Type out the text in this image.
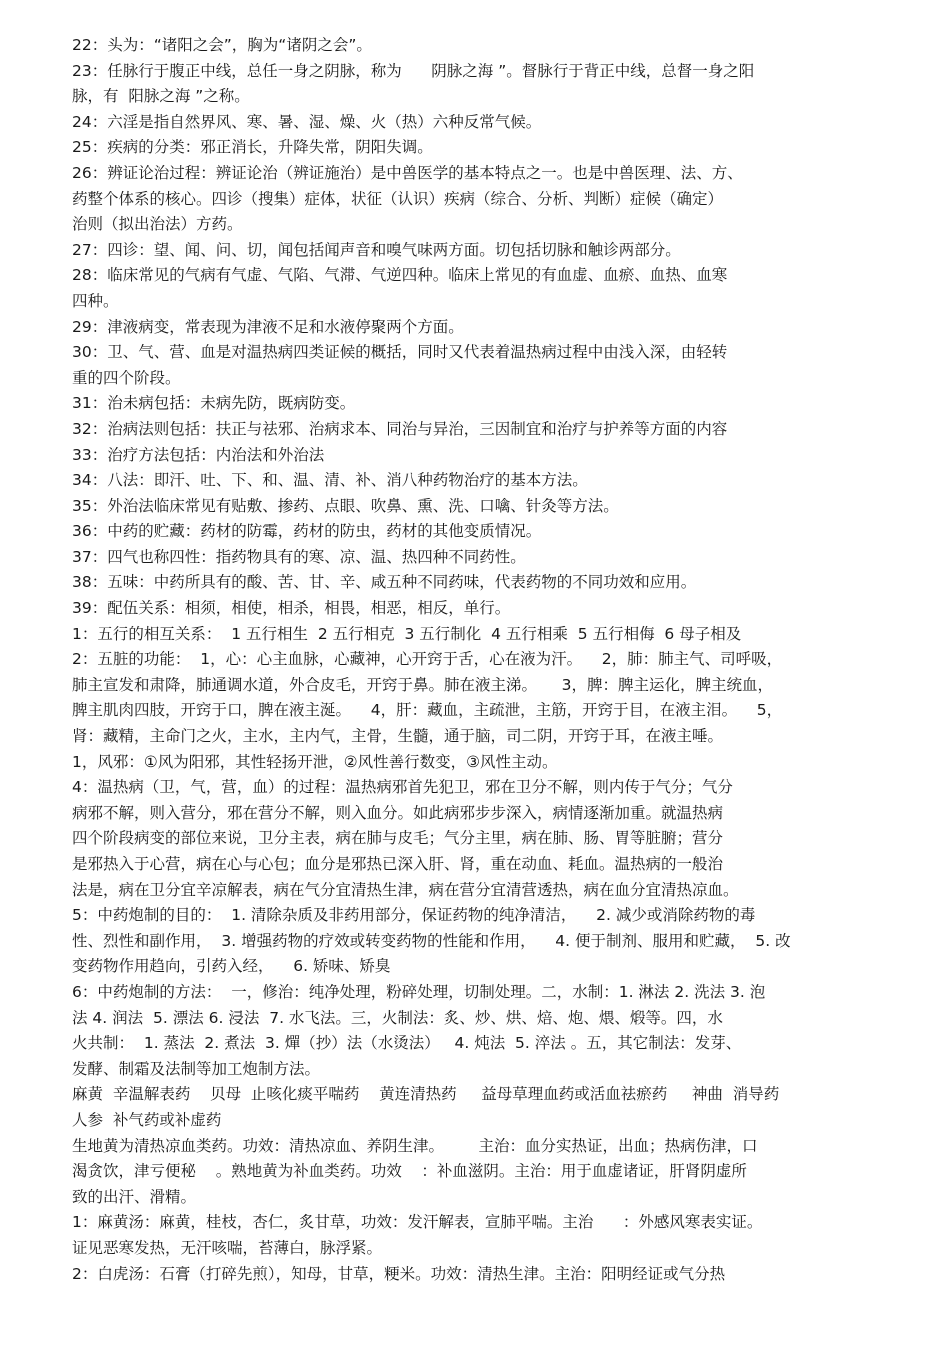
22：头为：“诸阳之会”，胸为“诸阴之会”。
23：任脉行于腹正中线，总任一身之阴脉，称为      阴脉之海 ”。督脉行于背正中线，总督一身之阳
脉，有  阳脉之海 ”之称。
24：六淫是指自然界风、寒、暑、湿、燥、火（热）六种反常气候。
25：疾病的分类：邪正消长，升降失常，阴阳失调。
26：辨证论治过程：辨证论治（辨证施治）是中兽医学的基本特点之一。也是中兽医理、法、方、
药整个体系的核心。四诊（搜集）症体，状征（认识）疾病（综合、分析、判断）症候（确定）
治则（拟出治法）方药。
27：四诊：望、闻、问、切，闻包括闻声音和嗅气味两方面。切包括切脉和触诊两部分。
28：临床常见的气病有气虚、气陷、气滞、气逆四种。临床上常见的有血虚、血瘀、血热、血寒
四种。
29：津液病变，常表现为津液不足和水液停聚两个方面。
30：卫、气、营、血是对温热病四类证候的概括，同时又代表着温热病过程中由浅入深，由轻转
重的四个阶段。
31：治未病包括：未病先防，既病防变。
32：治病法则包括：扶正与祛邪、治病求本、同治与异治，三因制宜和治疗与护养等方面的内容
33：治疗方法包括：内治法和外治法
34：八法：即汗、吐、下、和、温、清、补、消八种药物治疗的基本方法。
35：外治法临床常见有贴敷、掺药、点眼、吹鼻、熏、洗、口噙、针灸等方法。
36：中药的贮藏：药材的防霉，药材的防虫，药材的其他变质情况。
37：四气也称四性：指药物具有的寒、凉、温、热四种不同药性。
38：五味：中药所具有的酸、苦、甘、辛、咸五种不同药味，代表药物的不同功效和应用。
39：配伍关系：相须，相使，相杀，相畏，相恶，相反，单行。
1：五行的相互关系：  1 五行相生  2 五行相克  3 五行制化  4 五行相乘  5 五行相侮  6 母子相及
2：五脏的功能：  1，心：心主血脉，心藏神，心开窍于舌，心在液为汗。    2，肺：肺主气、司呼吸，
肺主宣发和肃降，肺通调水道，外合皮毛，开窍于鼻。肺在液主涕。     3，脾：脾主运化，脾主统血，
脾主肌肉四肢，开窍于口，脾在液主涎。    4，肝：藏血，主疏泄，主筋，开窍于目，在液主泪。    5，
肾：藏精，主命门之火，主水，主内气，主骨，生髓，通于脑，司二阴，开窍于耳，在液主唾。
1，风邪：①风为阳邪，其性轻扬开泄，②风性善行数变，③风性主动。
4：温热病（卫，气，营，血）的过程：温热病邪首先犯卫，邪在卫分不解，则内传于气分；气分
病邪不解，则入营分，邪在营分不解，则入血分。如此病邪步步深入，病情逐渐加重。就温热病
四个阶段病变的部位来说，卫分主表，病在肺与皮毛；气分主里，病在肺、肠、胃等脏腑；营分
是邪热入于心营，病在心与心包；血分是邪热已深入肝、肾，重在动血、耗血。温热病的一般治
法是，病在卫分宜辛凉解表，病在气分宜清热生津，病在营分宜清营透热，病在血分宜清热凉血。
5：中药炮制的目的：  1. 清除杂质及非药用部分，保证药物的纯净清洁，    2. 减少或消除药物的毒
性、烈性和副作用，  3. 增强药物的疗效或转变药物的性能和作用，    4. 便于制剂、服用和贮藏，  5. 改
变药物作用趋向，引药入经，    6. 矫味、矫臭
6：中药炮制的方法：  一，修治：纯净处理，粉碎处理，切制处理。二，水制：1. 淋法 2. 洗法 3. 泡
法 4. 润法  5. 漂法 6. 浸法  7. 水飞法。三，火制法：炙、炒、烘、焙、炮、煨、煅等。四，水
火共制：  1. 蒸法  2. 煮法  3. 燀（抄）法（水烫法）   4. 炖法  5. 淬法 。五，其它制法：发芽、
发酵、制霜及法制等加工炮制方法。
麻黄  辛温解表药    贝母  止咳化痰平喘药    黄连清热药     益母草理血药或活血祛瘀药     神曲  消导药
人参  补气药或补虚药
生地黄为清热凉血类药。功效：清热凉血、养阴生津。       主治：血分实热证，出血；热病伤津，口
渴贪饮，津亏便秘    。熟地黄为补血类药。功效    ：补血滋阴。主治：用于血虚诸证，肝肾阴虚所
致的出汗、滑精。
1：麻黄汤：麻黄，桂枝，杏仁，炙甘草，功效：发汗解表，宣肺平喘。主治      ：外感风寒表实证。
证见恶寒发热，无汗咳喘，苔薄白，脉浮紧。
2：白虎汤：石膏（打碎先煎），知母，甘草，粳米。功效：清热生津。主治：阳明经证或气分热
